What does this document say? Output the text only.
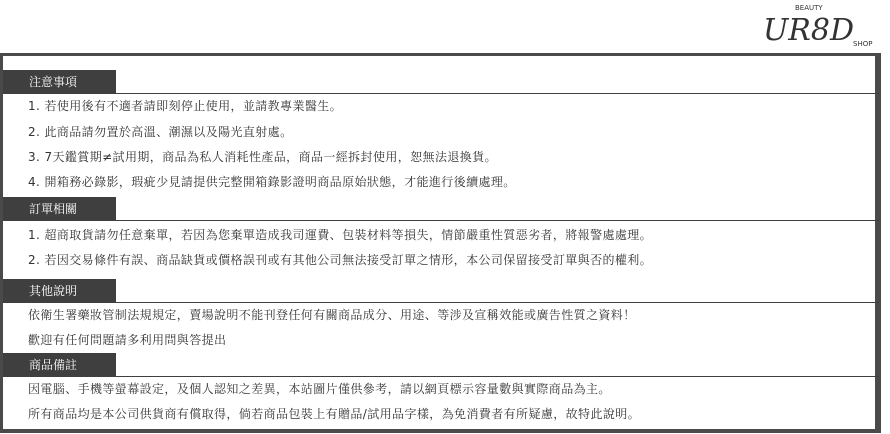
UR8D
BEAUTY
SHOP
注意事項
1. 若使用後有不適者請即刻停止使用，並請教專業醫生。
2. 此商品請勿置於高溫、潮濕以及陽光直射處。
3. 7天鑑賞期≠試用期，商品為私人消耗性產品，商品一經拆封使用，恕無法退換貨。
4. 開箱務必錄影，瑕疵少見請提供完整開箱錄影證明商品原始狀態，才能進行後續處理。
訂單相關
1. 超商取貨請勿任意棄單，若因為您棄單造成我司運費、包裝材料等損失，情節嚴重性質惡劣者，將報警處處理。
2. 若因交易條件有誤、商品缺貨或價格誤刊或有其他公司無法接受訂單之情形，本公司保留接受訂單與否的權利。
其他說明
依衛生署藥妝管制法規規定，賣場說明不能刊登任何有關商品成分、用途、等涉及宣稱效能或廣告性質之資料！
歡迎有任何問題請多利用問與答提出
商品備註
因電腦、手機等螢幕設定，及個人認知之差異，本站圖片僅供參考，請以網頁標示容量數與實際商品為主。
所有商品均是本公司供貨商有償取得，倘若商品包裝上有贈品/試用品字樣，為免消費者有所疑慮，故特此說明。
